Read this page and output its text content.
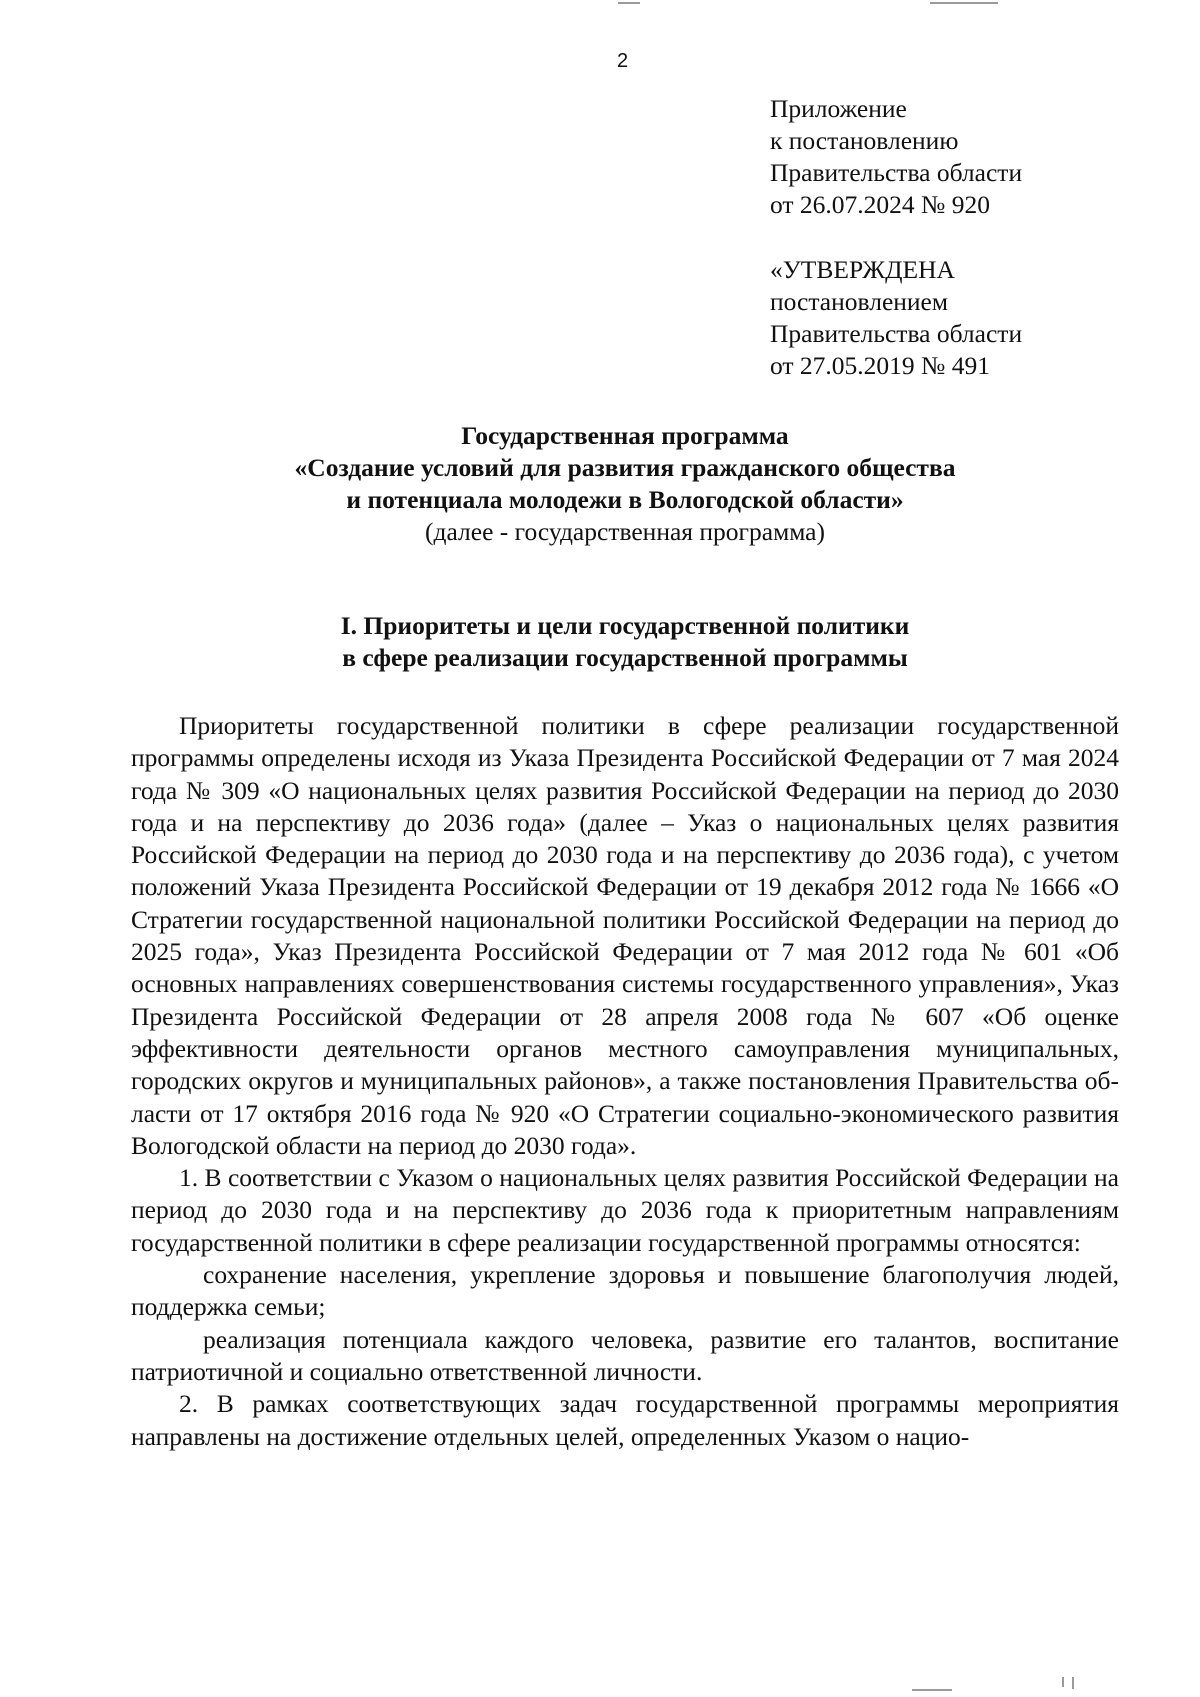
2
Приложение
к постановлению
Правительства области
от 26.07.2024 № 920
«УТВЕРЖДЕНА
постановлением
Правительства области
от 27.05.2019 № 491
Государственная программа
«Создание условий для развития гражданского общества
и потенциала молодежи в Вологодской области»
(далее - государственная программа)
I. Приоритеты и цели государственной политики
в сфере реализации государственной программы

Приоритеты государственной политики в сфере реализации государственной программы определены исходя из Указа Президента Российской Федерации от 7 мая 2024 года № 309 «О национальных целях развития Российской Федерации на период до 2030 года и на перспективу до 2036 года» (далее – Указ о национальных целях развития Российской Федерации на период до 2030 года и на перспективу до 2036 года), с учетом положений Указа Президента Российской Федерации от 19 декабря 2012 года № 1666 «О Стратегии государственной национальной политики Российской Федерации на период до 2025 года», Указ Президента Российской Федерации от 7 мая 2012 года № 601 «Об основных направлениях совершенствования системы государственного управления», Указ Президента Российской Федерации от 28 апреля 2008 года № 607 «Об оценке эффективности деятельности органов местного самоуправления муниципальных, городских округов и муниципальных районов», а также постановления Правительства области от 17 октября 2016 года № 920 «О Стратегии социально-экономического развития Вологодской области на период до 2030 года».

1. В соответствии с Указом о национальных целях развития Российской Федерации на период до 2030 года и на перспективу до 2036 года к приоритетным направлениям государственной политики в сфере реализации государственной программы относятся:

сохранение населения, укрепление здоровья и повышение благополучия людей, поддержка семьи;

реализация потенциала каждого человека, развитие его талантов, воспитание патриотичной и социально ответственной личности.

2. В рамках соответствующих задач государственной программы мероприятия направлены на достижение отдельных целей, определенных Указом о нацио-
